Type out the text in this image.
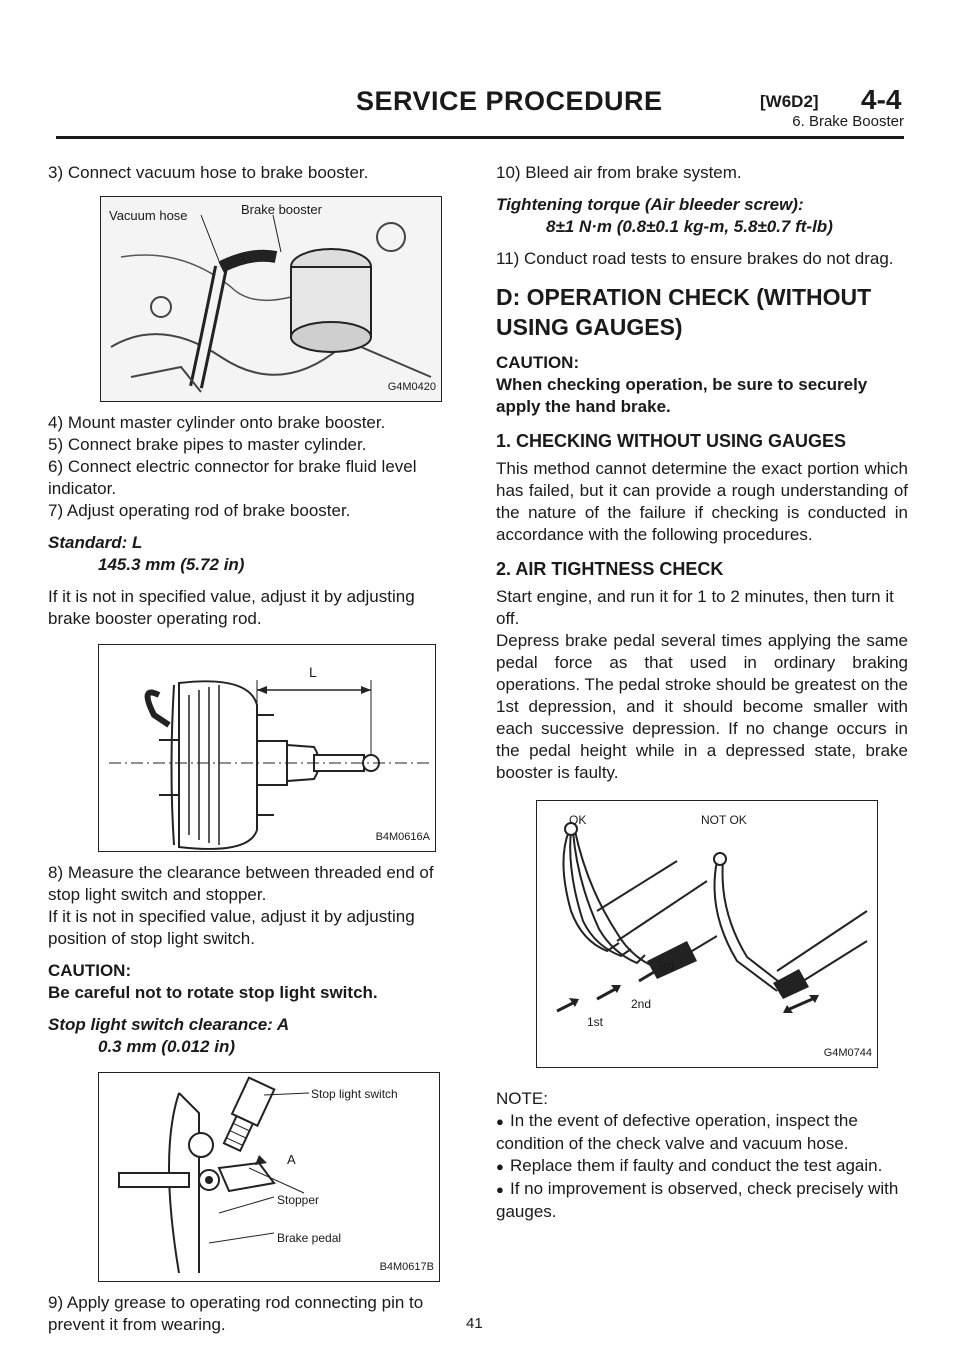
SERVICE PROCEDURE	[W6D2] 4-4
6. Brake Booster

3) Connect vacuum hose to brake booster.

Vacuum hose	Brake booster
G4M0420

4) Mount master cylinder onto brake booster.

5) Connect brake pipes to master cylinder.

6) Connect electric connector for brake fluid level indicator.

7) Adjust operating rod of brake booster.

Standard: L

145.3 mm (5.72 in)

If it is not in specified value, adjust it by adjusting brake booster operating rod.

L
B4M0616A

8) Measure the clearance between threaded end of stop light switch and stopper.

If it is not in specified value, adjust it by adjusting position of stop light switch.

CAUTION:

Be careful not to rotate stop light switch.

Stop light switch clearance: A

0.3 mm (0.012 in)

Stop light switch
A
Stopper
Brake pedal
B4M0617B

9) Apply grease to operating rod connecting pin to prevent it from wearing.

10) Bleed air from brake system.

Tightening torque (Air bleeder screw):

8±1 N·m (0.8±0.1 kg-m, 5.8±0.7 ft-lb)

11) Conduct road tests to ensure brakes do not drag.

D: OPERATION CHECK (WITHOUT USING GAUGES)

CAUTION:

When checking operation, be sure to securely apply the hand brake.

1. CHECKING WITHOUT USING GAUGES

This method cannot determine the exact portion which has failed, but it can provide a rough understanding of the nature of the failure if checking is conducted in accordance with the following procedures.

2. AIR TIGHTNESS CHECK

Start engine, and run it for 1 to 2 minutes, then turn it off.

Depress brake pedal several times applying the same pedal force as that used in ordinary braking operations. The pedal stroke should be greatest on the 1st depression, and it should become smaller with each successive depression. If no change occurs in the pedal height while in a depressed state, brake booster is faulty.

OK	NOT OK
1st
2nd
3rd
G4M0744

NOTE:

● In the event of defective operation, inspect the condition of the check valve and vacuum hose.

● Replace them if faulty and conduct the test again.

● If no improvement is observed, check precisely with gauges.

41
